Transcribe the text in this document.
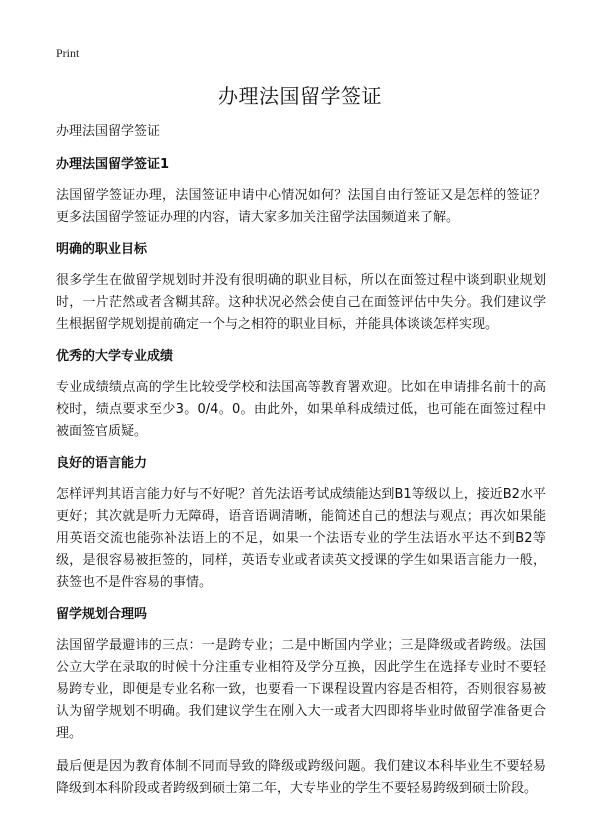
Print
办理法国留学签证

办理法国留学签证

办理法国留学签证1

法国留学签证办理，法国签证申请中心情况如何？法国自由行签证又是怎样的签证？更多法国留学签证办理的内容，请大家多加关注留学法国频道来了解。

明确的职业目标

很多学生在做留学规划时并没有很明确的职业目标，所以在面签过程中谈到职业规划时，一片茫然或者含糊其辞。这种状况必然会使自己在面签评估中失分。我们建议学生根据留学规划提前确定一个与之相符的职业目标，并能具体谈谈怎样实现。

优秀的大学专业成绩

专业成绩绩点高的学生比较受学校和法国高等教育署欢迎。比如在申请排名前十的高校时，绩点要求至少3。0/4。0。由此外，如果单科成绩过低，也可能在面签过程中被面签官质疑。

良好的语言能力

怎样评判其语言能力好与不好呢？首先法语考试成绩能达到B1等级以上，接近B2水平更好；其次就是听力无障碍，语音语调清晰，能简述自己的想法与观点；再次如果能用英语交流也能弥补法语上的不足，如果一个法语专业的学生法语水平达不到B2等级，是很容易被拒签的，同样，英语专业或者读英文授课的学生如果语言能力一般，获签也不是件容易的事情。

留学规划合理吗

法国留学最避讳的三点：一是跨专业；二是中断国内学业；三是降级或者跨级。法国公立大学在录取的时候十分注重专业相符及学分互换，因此学生在选择专业时不要轻易跨专业，即便是专业名称一致，也要看一下课程设置内容是否相符，否则很容易被认为留学规划不明确。我们建议学生在刚入大一或者大四即将毕业时做留学准备更合理。

最后便是因为教育体制不同而导致的降级或跨级问题。我们建议本科毕业生不要轻易降级到本科阶段或者跨级到硕士第二年，大专毕业的学生不要轻易跨级到硕士阶段。
